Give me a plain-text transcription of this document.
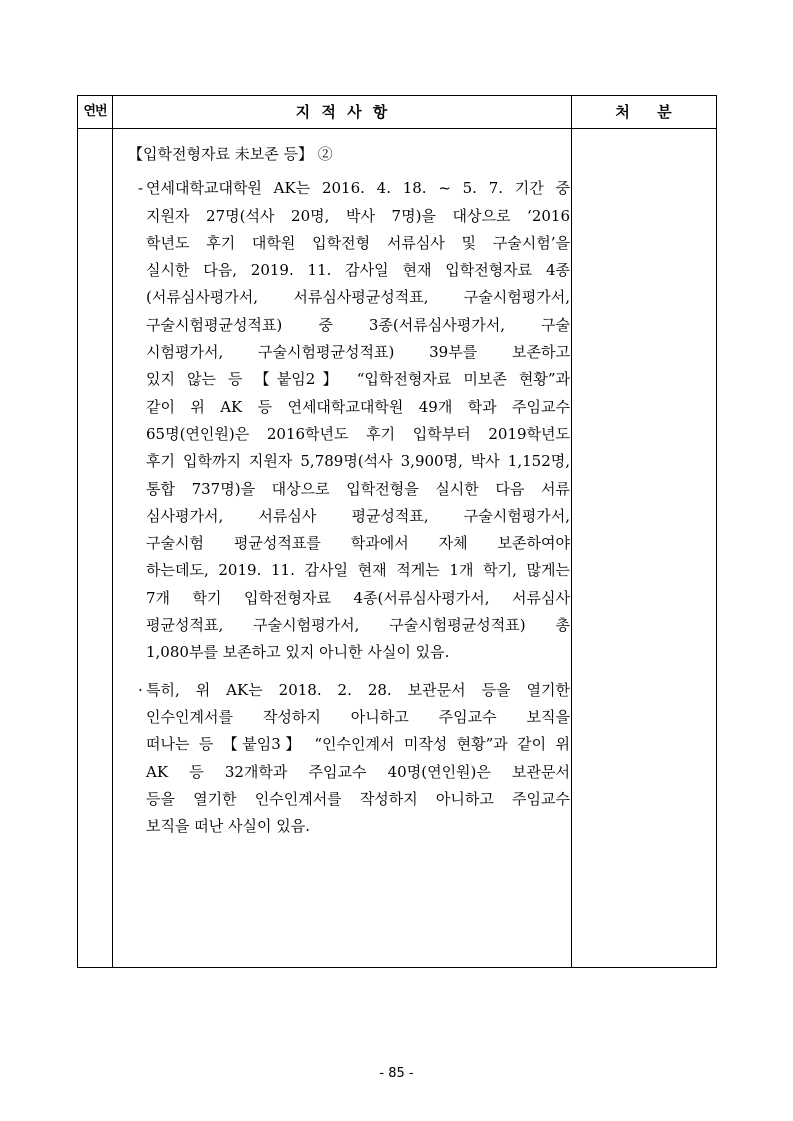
연번	지 적 사 항	처 분
【입학전형자료 未보존 등】 ②
- 연세대학교대학원 AK는 2016. 4. 18. ~ 5. 7. 기간 중
지원자 27명(석사 20명, 박사 7명)을 대상으로 ‘2016
학년도 후기 대학원 입학전형 서류심사 및 구술시험’을
실시한 다음, 2019. 11. 감사일 현재 입학전형자료 4종
(서류심사평가서, 서류심사평균성적표, 구술시험평가서,
구술시험평균성적표) 중 3종(서류심사평가서, 구술
시험평가서, 구술시험평균성적표) 39부를 보존하고
있지 않는 등 【붙임2】 “입학전형자료 미보존 현황”과
같이 위 AK 등 연세대학교대학원 49개 학과 주임교수
65명(연인원)은 2016학년도 후기 입학부터 2019학년도
후기 입학까지 지원자 5,789명(석사 3,900명, 박사 1,152명,
통합 737명)을 대상으로 입학전형을 실시한 다음 서류
심사평가서, 서류심사 평균성적표, 구술시험평가서,
구술시험 평균성적표를 학과에서 자체 보존하여야
하는데도, 2019. 11. 감사일 현재 적게는 1개 학기, 많게는
7개 학기 입학전형자료 4종(서류심사평가서, 서류심사
평균성적표, 구술시험평가서, 구술시험평균성적표) 총
1,080부를 보존하고 있지 아니한 사실이 있음.
· 특히, 위 AK는 2018. 2. 28. 보관문서 등을 열기한
인수인계서를 작성하지 아니하고 주임교수 보직을
떠나는 등 【붙임3】 “인수인계서 미작성 현황”과 같이 위
AK 등 32개학과 주임교수 40명(연인원)은 보관문서
등을 열기한 인수인계서를 작성하지 아니하고 주임교수
보직을 떠난 사실이 있음.
- 85 -
